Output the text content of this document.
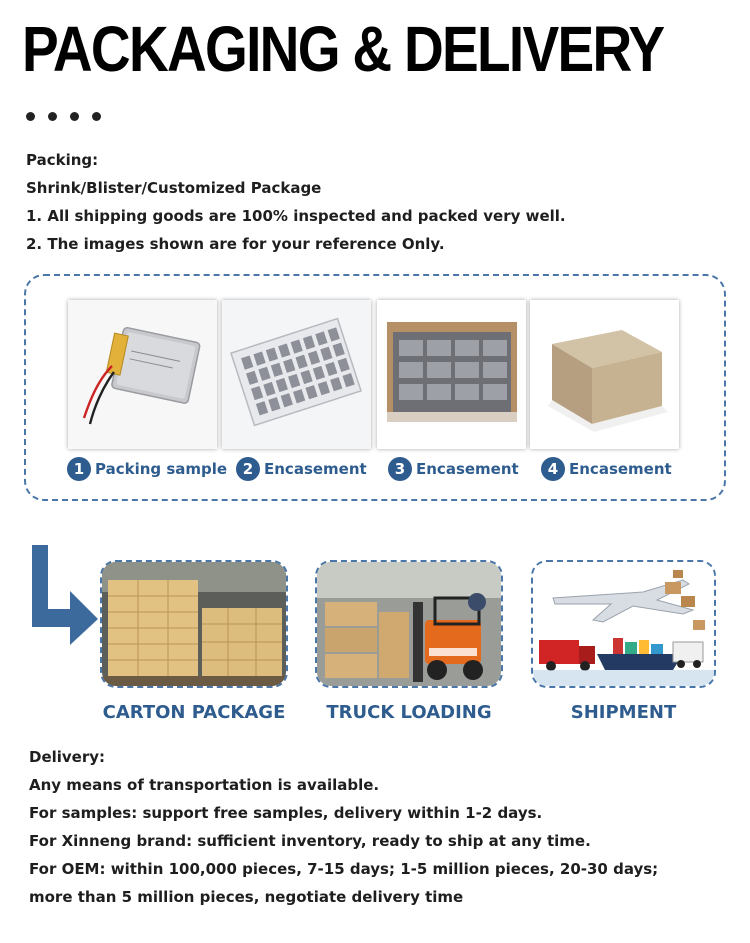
PACKAGING & DELIVERY
Packing:
Shrink/Blister/Customized Package
1. All shipping goods are 100% inspected and packed very well.
2. The images shown are for your reference Only.
1 Packing sample	2 Encasement	3 Encasement	4 Encasement
CARTON PACKAGE	TRUCK LOADING	SHIPMENT
Delivery:
Any means of transportation is available.
For samples: support free samples, delivery within 1-2 days.
For Xinneng brand: sufficient inventory, ready to ship at any time.
For OEM: within 100,000 pieces, 7-15 days; 1-5 million pieces, 20-30 days;
more than 5 million pieces, negotiate delivery time
